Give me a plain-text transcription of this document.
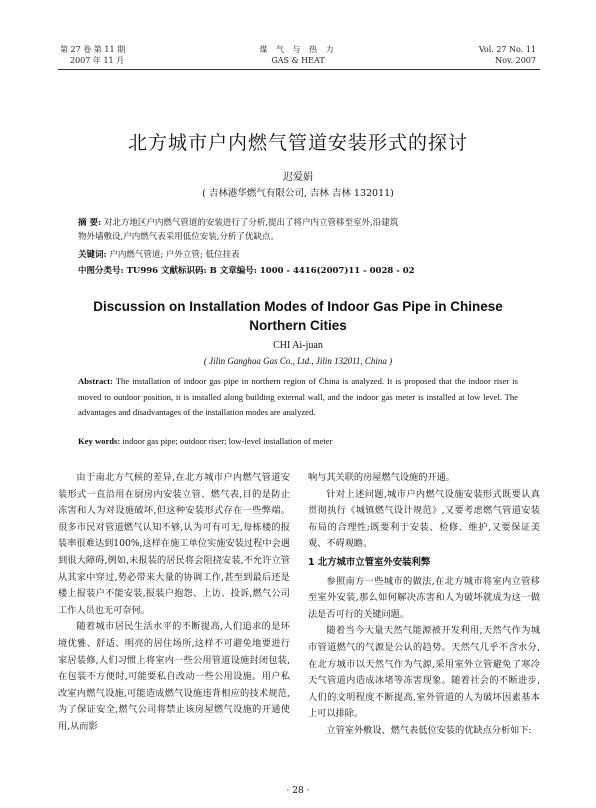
第 27 卷 第 11 期
2007 年 11 月
煤 气 与 热 力
GAS & HEAT
Vol. 27 No. 11
Nov. 2007
北方城市户内燃气管道安装形式的探讨
迟爱娟
( 吉林港华燃气有限公司, 吉林 吉林 132011)
摘 要: 对北方地区户内燃气管道的安装进行了分析,提出了将户内立管移至室外,沿建筑
物外墙敷设,户内燃气表采用低位安装,分析了优缺点。
关键词: 户内燃气管道; 户外立管; 低位挂表
中图分类号: TU996 文献标识码: B 文章编号: 1000 - 4416(2007)11 - 0028 - 02
Discussion on Installation Modes of Indoor Gas Pipe in Chinese
Northern Cities
CHI Ai-juan
( Jilin Ganghua Gas Co., Ltd., Jilin 132011, China )
Abstract: The installation of indoor gas pipe in northern region of China is analyzed. It is proposed that the indoor riser is moved to outdoor position, it is installed along building external wall, and the indoor gas meter is installed at low level. The advantages and disadvantages of the installation modes are analyzed.
Key words: indoor gas pipe; outdoor riser; low-level installation of meter

由于南北方气候的差异,在北方城市户内燃气管道安装形式一直沿用在厨房内安装立管、燃气表,目的是防止冻害和人为对设施破坏,但这种安装形式存在一些弊端。很多市民对管道燃气认知不够,认为可有可无,每栋楼的报装率很难达到100%,这样在施工单位实施安装过程中会遇到很大障碍,例如,未报装的居民将会阻挠安装,不允许立管从其家中穿过,势必带来大量的协调工作,甚至到最后还是楼上报装户不能安装,报装户抱怨、上访、投诉,燃气公司工作人员也无可奈何。

随着城市居民生活水平的不断提高,人们追求的是环境优雅、舒适、明亮的居住场所,这样不可避免地要进行家居装修,人们习惯上将室内一些公用管道设施封闭包装,在包装不方便时,可能要私自改动一些公用设施。用户私改室内燃气设施,可能造成燃气设施违背相应的技术规范,为了保证安全,燃气公司将禁止该房屋燃气设施的开通使用,从而影

响与其关联的房屋燃气设施的开通。

针对上述问题,城市户内燃气设施安装形式既要认真贯彻执行《城镇燃气设计规范》,又要考虑燃气管道安装布局的合理性;既要利于安装、检修、维护,又要保证美观、不碍观瞻。

1 北方城市立管室外安装利弊

参照南方一些城市的做法,在北方城市将室内立管移至室外安装,那么如何解决冻害和人为破坏就成为这一做法是否可行的关键问题。

随着当今大量天然气能源被开发利用,天然气作为城市管道燃气的气源是公认的趋势。天然气几乎不含水分,在北方城市以天然气作为气源,采用室外立管避免了寒冷天气管道内造成冰堵等冻害现象。随着社会的不断进步,人们的文明程度不断提高,室外管道的人为破坏因素基本上可以排除。

立管室外敷设、燃气表低位安装的优缺点分析如下:

· 28 ·
